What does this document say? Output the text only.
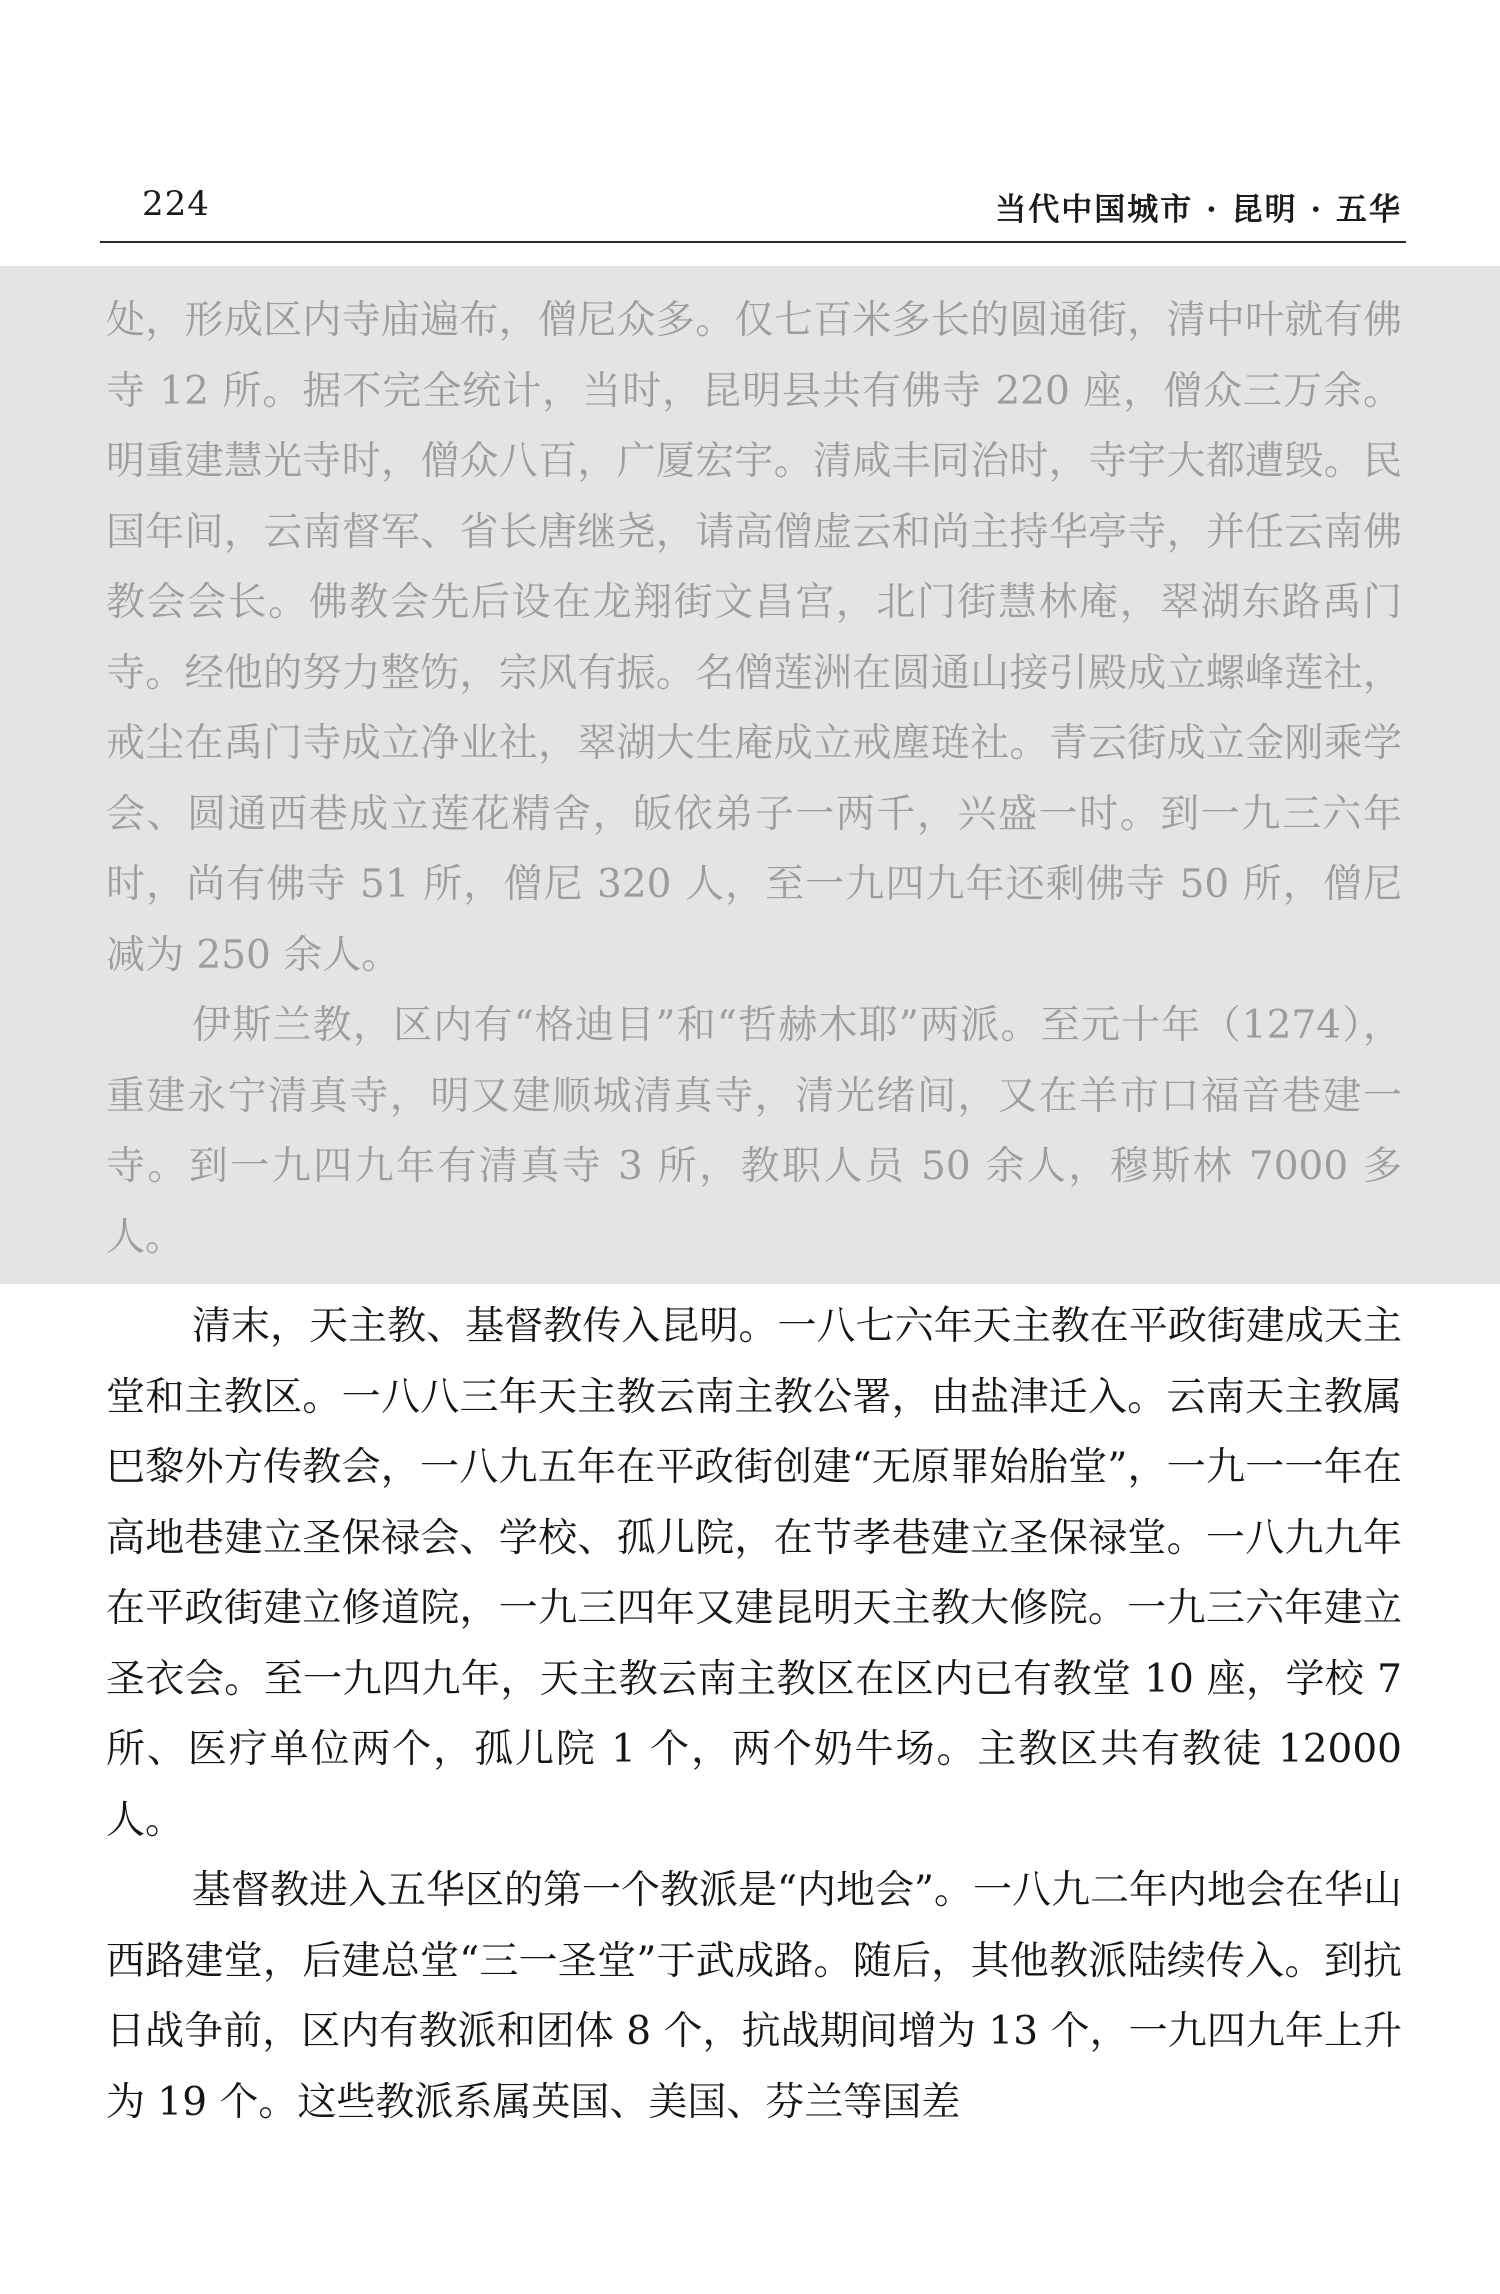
224	当代中国城市 · 昆明 · 五华

处，形成区内寺庙遍布，僧尼众多。仅七百米多长的圆通街，清中叶就有佛寺 12 所。据不完全统计，当时，昆明县共有佛寺 220 座，僧众三万余。明重建慧光寺时，僧众八百，广厦宏宇。清咸丰同治时，寺宇大都遭毁。民国年间，云南督军、省长唐继尧，请高僧虚云和尚主持华亭寺，并任云南佛教会会长。佛教会先后设在龙翔街文昌宫，北门街慧林庵，翠湖东路禹门寺。经他的努力整饬，宗风有振。名僧莲洲在圆通山接引殿成立螺峰莲社，戒尘在禹门寺成立净业社，翠湖大生庵成立戒塵琏社。青云街成立金刚乘学会、圆通西巷成立莲花精舍，皈依弟子一两千，兴盛一时。到一九三六年时，尚有佛寺 51 所，僧尼 320 人，至一九四九年还剩佛寺 50 所，僧尼减为 250 余人。

伊斯兰教，区内有“格迪目”和“哲赫木耶”两派。至元十年（1274），重建永宁清真寺，明又建顺城清真寺，清光绪间，又在羊市口福音巷建一寺。到一九四九年有清真寺 3 所，教职人员 50 余人，穆斯林 7000 多人。

清末，天主教、基督教传入昆明。一八七六年天主教在平政街建成天主堂和主教区。一八八三年天主教云南主教公署，由盐津迁入。云南天主教属巴黎外方传教会，一八九五年在平政街创建“无原罪始胎堂”，一九一一年在高地巷建立圣保禄会、学校、孤儿院，在节孝巷建立圣保禄堂。一八九九年在平政街建立修道院，一九三四年又建昆明天主教大修院。一九三六年建立圣衣会。至一九四九年，天主教云南主教区在区内已有教堂 10 座，学校 7 所、医疗单位两个，孤儿院 1 个，两个奶牛场。主教区共有教徒 12000 人。

基督教进入五华区的第一个教派是“内地会”。一八九二年内地会在华山西路建堂，后建总堂“三一圣堂”于武成路。随后，其他教派陆续传入。到抗日战争前，区内有教派和团体 8 个，抗战期间增为 13 个，一九四九年上升为 19 个。这些教派系属英国、美国、芬兰等国差
